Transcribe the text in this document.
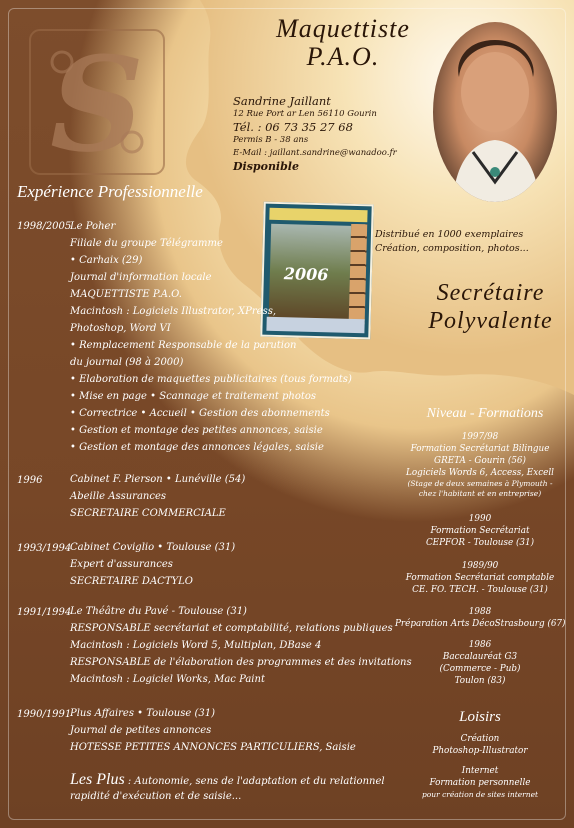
S	Maquettiste
P.A.O.
Sandrine Jaillant
12 Rue Port ar Len 56110 Gourin
Tél. : 06 73 35 27 68
Permis B - 38 ans
E-Mail : jaillant.sandrine@wanadoo.fr
Disponible
2006
Distribué en 1000 exemplaires
Création, composition, photos...
Secrétaire
Polyvalente
Expérience Professionnelle
1998/2005
Le Poher
Filiale du groupe Télégramme
• Carhaix (29)
Journal d'information locale
MAQUETTISTE P.A.O.
Macintosh : Logiciels Illustrator, XPress,
Photoshop, Word VI
• Remplacement Responsable de la parution
du journal (98 à 2000)
• Elaboration de maquettes publicitaires (tous formats)
• Mise en page • Scannage et traitement photos
• Correctrice • Accueil • Gestion des abonnements
• Gestion et montage des petites annonces, saisie
• Gestion et montage des annonces légales, saisie
1996	Cabinet F. Pierson • Lunéville (54)
Abeille Assurances
SECRETAIRE COMMERCIALE
1993/1994
Cabinet Coviglio • Toulouse (31)
Expert d'assurances
SECRETAIRE DACTYLO
1991/1994
Le Théâtre du Pavé - Toulouse (31)
RESPONSABLE secrétariat et comptabilité, relations publiques
Macintosh : Logiciels Word 5, Multiplan, DBase 4
RESPONSABLE de l'élaboration des programmes et des invitations
Macintosh : Logiciel Works, Mac Paint
1990/1991
Plus Affaires • Toulouse (31)
Journal de petites annonces
HOTESSE PETITES ANNONCES PARTICULIERS, Saisie
Les Plus : Autonomie, sens de l'adaptation et du relationnel
rapidité d'exécution et de saisie...
Niveau - Formations
1997/98
Formation Secrétariat Bilingue
GRETA - Gourin (56)
Logiciels Words 6, Access, Excell
(Stage de deux semaines à Plymouth -
chez l'habitant et en entreprise)
1990
Formation Secrétariat
CEPFOR - Toulouse (31)
1989/90
Formation Secrétariat comptable
CE. FO. TECH. - Toulouse (31)
1988
Préparation Arts DécoStrasbourg (67)
1986
Baccalauréat G3
(Commerce - Pub)
Toulon (83)
Loisirs
Création
Photoshop-Illustrator
Internet
Formation personnelle
pour création de sites internet
